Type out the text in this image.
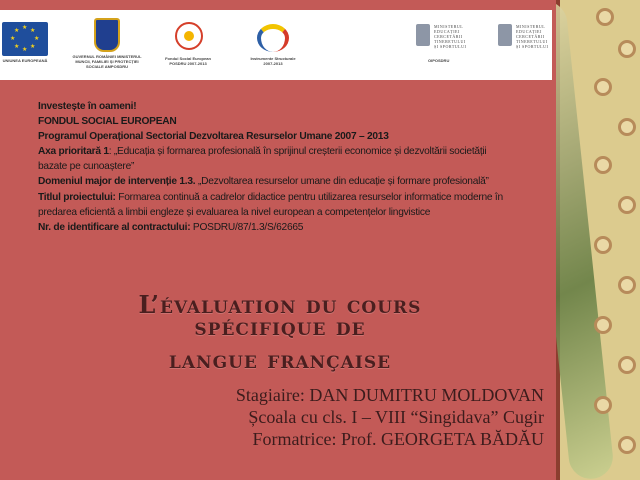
★ ★
★
★
★
★
★
★
UNIUNEA EUROPEANĂ
GUVERNUL ROMÂNIEI MINISTERUL MUNCII, FAMILIEI ȘI PROTECȚIEI SOCIALE AMPOSDRU
Fondul Social European POSDRU 2007-2013
Instrumente Structurale 2007-2013
MINISTERUL EDUCAȚIEI CERCETĂRII TINERETULUI ȘI SPORTULUI
OIPOSDRU
MINISTERUL EDUCAȚIEI CERCETĂRII TINERETULUI ȘI SPORTULUI
Investește în oameni!
FONDUL SOCIAL EUROPEAN
Programul Operațional Sectorial Dezvoltarea Resurselor Umane 2007 – 2013
Axa prioritară 1: „Educația și formarea profesională în sprijinul creșterii economice și dezvoltării societății
bazate pe cunoaștere”
Domeniul major de intervenție 1.3. „Dezvoltarea resurselor umane din educație și formare profesională”
Titlul proiectului: Formarea continuă a cadrelor didactice pentru utilizarea resurselor informatice moderne în
predarea eficientă a limbii engleze și evaluarea la nivel european a competențelor lingvistice
Nr. de identificare al contractului: POSDRU/87/1.3/S/62665
L’évaluation du cours
spécifique de
langue française
Stagiaire: DAN DUMITRU MOLDOVAN
Școala cu cls. I – VIII “Singidava” Cugir
Formatrice: Prof. GEORGETA BĂDĂU
